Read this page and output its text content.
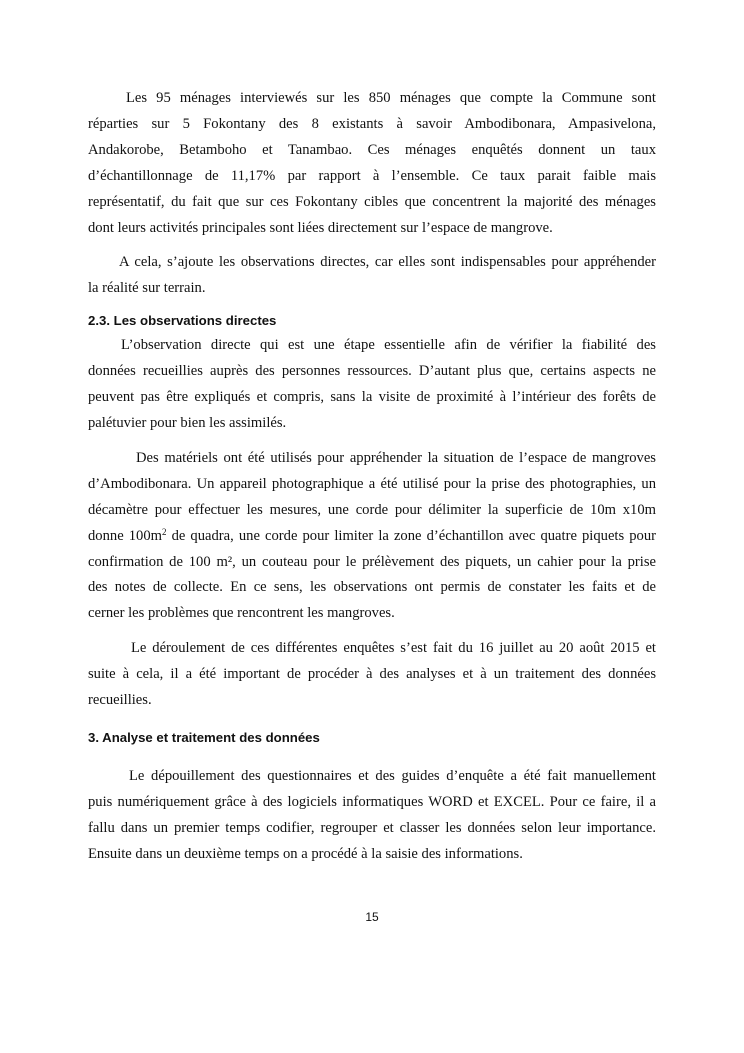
Les 95 ménages interviewés sur les 850 ménages que compte la Commune sont
réparties sur 5 Fokontany des 8 existants à savoir Ambodibonara, Ampasivelona,
Andakorobe, Betamboho et Tanambao. Ces ménages enquêtés donnent un taux
d’échantillonnage de 11,17% par rapport à l’ensemble. Ce taux parait faible mais
représentatif, du fait que sur ces Fokontany cibles que concentrent la majorité des ménages
dont leurs activités principales sont liées directement sur l’espace de mangrove.
A cela, s’ajoute les observations directes, car elles sont indispensables pour appréhender
la réalité sur terrain.
2.3. Les observations directes
L’observation directe qui est une étape essentielle afin de vérifier la fiabilité des
données recueillies auprès des personnes ressources. D’autant plus que, certains aspects ne
peuvent pas être expliqués et compris, sans la visite de proximité à l’intérieur des forêts de
palétuvier pour bien les assimilés.
Des matériels ont été utilisés pour appréhender la situation de l’espace de mangroves
d’Ambodibonara. Un appareil photographique a été utilisé pour la prise des photographies, un
décamètre pour effectuer les mesures, une corde pour délimiter la superficie de 10m x10m
donne $100m^2$ de quadra, une corde pour limiter la zone d’échantillon avec quatre piquets pour
confirmation de 100 m², un couteau pour le prélèvement des piquets, un cahier pour la prise
des notes de collecte. En ce sens, les observations ont permis de constater les faits et de
cerner les problèmes que rencontrent les mangroves.
Le déroulement de ces différentes enquêtes s’est fait du 16 juillet au 20 août 2015 et
suite à cela, il a été important de procéder à des analyses et à un traitement des données
recueillies.
3. Analyse et traitement des données
Le dépouillement des questionnaires et des guides d’enquête a été fait manuellement
puis numériquement grâce à des logiciels informatiques WORD et EXCEL. Pour ce faire, il a
fallu dans un premier temps codifier, regrouper et classer les données selon leur importance.
Ensuite dans un deuxième temps on a procédé à la saisie des informations.
15
